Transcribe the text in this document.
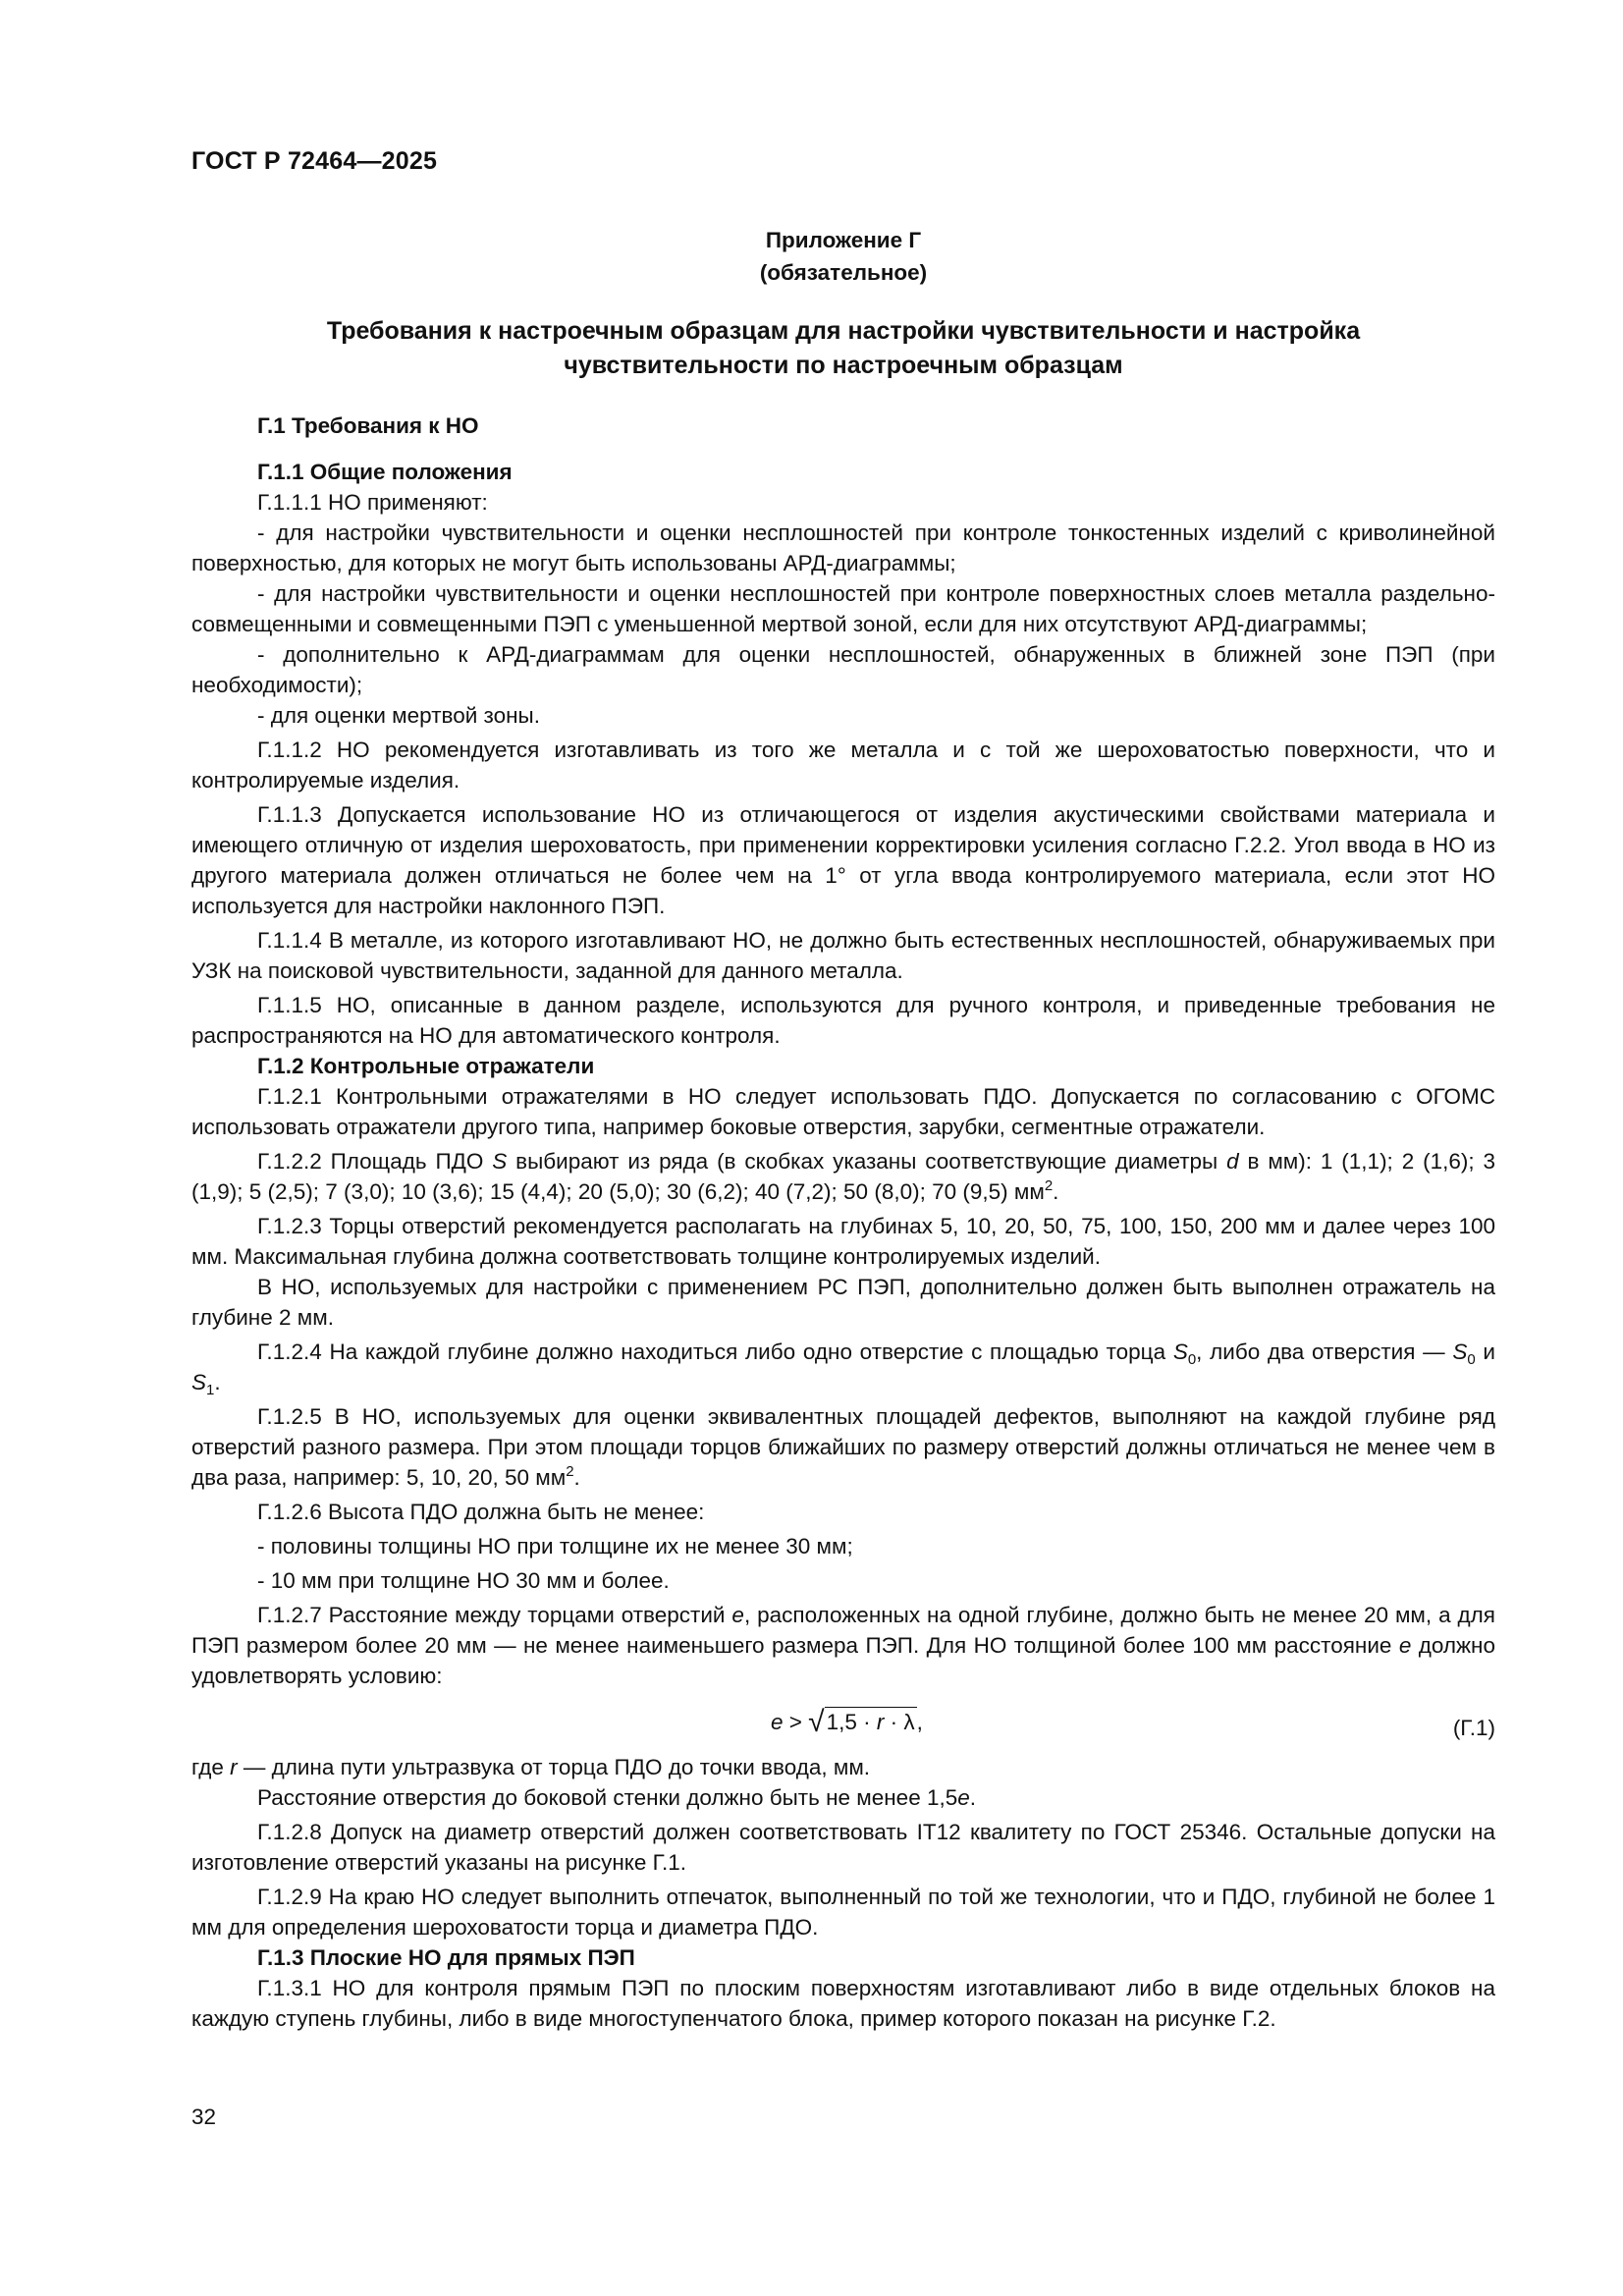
ГОСТ Р 72464—2025
Приложение Г
(обязательное)
Требования к настроечным образцам для настройки чувствительности и настройка
чувствительности по настроечным образцам

Г.1 Требования к НО

Г.1.1 Общие положения

Г.1.1.1 НО применяют:

- для настройки чувствительности и оценки несплошностей при контроле тонкостенных изделий с криволинейной поверхностью, для которых не могут быть использованы АРД-диаграммы;

- для настройки чувствительности и оценки несплошностей при контроле поверхностных слоев металла раздельно-совмещенными и совмещенными ПЭП с уменьшенной мертвой зоной, если для них отсутствуют АРД-диаграммы;

- дополнительно к АРД-диаграммам для оценки несплошностей, обнаруженных в ближней зоне ПЭП (при необходимости);

- для оценки мертвой зоны.

Г.1.1.2 НО рекомендуется изготавливать из того же металла и с той же шероховатостью поверхности, что и контролируемые изделия.

Г.1.1.3 Допускается использование НО из отличающегося от изделия акустическими свойствами материала и имеющего отличную от изделия шероховатость, при применении корректировки усиления согласно Г.2.2. Угол ввода в НО из другого материала должен отличаться не более чем на 1° от угла ввода контролируемого материала, если этот НО используется для настройки наклонного ПЭП.

Г.1.1.4 В металле, из которого изготавливают НО, не должно быть естественных несплошностей, обнаруживаемых при УЗК на поисковой чувствительности, заданной для данного металла.

Г.1.1.5 НО, описанные в данном разделе, используются для ручного контроля, и приведенные требования не распространяются на НО для автоматического контроля.

Г.1.2 Контрольные отражатели

Г.1.2.1 Контрольными отражателями в НО следует использовать ПДО. Допускается по согласованию с ОГОМС использовать отражатели другого типа, например боковые отверстия, зарубки, сегментные отражатели.

Г.1.2.2 Площадь ПДО S выбирают из ряда (в скобках указаны соответствующие диаметры d в мм): 1 (1,1); 2 (1,6); 3 (1,9); 5 (2,5); 7 (3,0); 10 (3,6); 15 (4,4); 20 (5,0); 30 (6,2); 40 (7,2); 50 (8,0); 70 (9,5) $мм^2$.

Г.1.2.3 Торцы отверстий рекомендуется располагать на глубинах 5, 10, 20, 50, 75, 100, 150, 200 мм и далее через 100 мм. Максимальная глубина должна соответствовать толщине контролируемых изделий.

В НО, используемых для настройки с применением РС ПЭП, дополнительно должен быть выполнен отражатель на глубине 2 мм.

Г.1.2.4 На каждой глубине должно находиться либо одно отверстие с площадью торца $S_0$, либо два отверстия — $S_0$ и $S_1$.

Г.1.2.5 В НО, используемых для оценки эквивалентных площадей дефектов, выполняют на каждой глубине ряд отверстий разного размера. При этом площади торцов ближайших по размеру отверстий должны отличаться не менее чем в два раза, например: 5, 10, 20, 50 $мм^2$.

Г.1.2.6 Высота ПДО должна быть не менее:

- половины толщины НО при толщине их не менее 30 мм;

- 10 мм при толщине НО 30 мм и более.

Г.1.2.7 Расстояние между торцами отверстий е, расположенных на одной глубине, должно быть не менее 20 мм, а для ПЭП размером более 20 мм — не менее наименьшего размера ПЭП. Для НО толщиной более 100 мм расстояние е должно удовлетворять условию:

e > √1,5 · r · λ,	(Г.1)

где r — длина пути ультразвука от торца ПДО до точки ввода, мм.

Расстояние отверстия до боковой стенки должно быть не менее 1,5е.

Г.1.2.8 Допуск на диаметр отверстий должен соответствовать IT12 квалитету по ГОСТ 25346. Остальные допуски на изготовление отверстий указаны на рисунке Г.1.

Г.1.2.9 На краю НО следует выполнить отпечаток, выполненный по той же технологии, что и ПДО, глубиной не более 1 мм для определения шероховатости торца и диаметра ПДО.

Г.1.3 Плоские НО для прямых ПЭП

Г.1.3.1 НО для контроля прямым ПЭП по плоским поверхностям изготавливают либо в виде отдельных блоков на каждую ступень глубины, либо в виде многоступенчатого блока, пример которого показан на рисунке Г.2.

32
